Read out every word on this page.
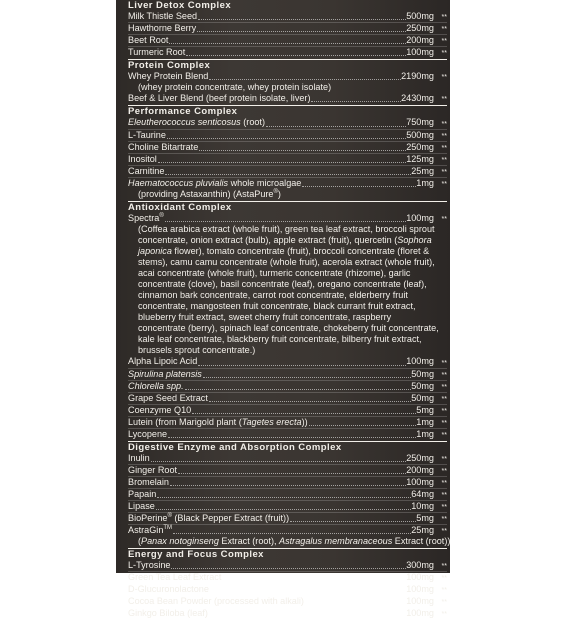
Liver Detox Complex
Milk Thistle Seed	500mg	**
Hawthorne Berry	250mg	**
Beet Root	200mg	**
Turmeric Root	100mg	**
Protein Complex
Whey Protein Blend	2190mg	**
(whey protein concentrate, whey protein isolate)
Beef & Liver Blend (beef protein isolate, liver)	2430mg	**
Performance Complex
Eleutherococcus senticosus (root)	750mg	**
L-Taurine	500mg	**
Choline Bitartrate	250mg	**
Inositol	125mg	**
Carnitine	25mg	**
Haematococcus pluvialis whole microalgae	1mg	**
(providing Astaxanthin) (AstaPure®)
Antioxidant Complex
Spectra®	100mg	**
(Coffea arabica extract (whole fruit), green tea leaf extract, broccoli sprout concentrate, onion extract (bulb), apple extract (fruit), quercetin (Sophora japonica flower), tomato concentrate (fruit), broccoli concentrate (floret & stems), camu camu concentrate (whole fruit), acerola extract (whole fruit), acai concentrate (whole fruit), turmeric concentrate (rhizome), garlic concentrate (clove), basil concentrate (leaf), oregano concentrate (leaf), cinnamon bark concentrate, carrot root concentrate, elderberry fruit concentrate, mangosteen fruit concentrate, black currant fruit extract, blueberry fruit extract, sweet cherry fruit concentrate, raspberry concentrate (berry), spinach leaf concentrate, chokeberry fruit concentrate, kale leaf concentrate, blackberry fruit concentrate, bilberry fruit extract, brussels sprout concentrate.)
Alpha Lipoic Acid	100mg	**
Spirulina platensis	50mg	**
Chlorella spp.	50mg	**
Grape Seed Extract	50mg	**
Coenzyme Q10	5mg	**
Lutein (from Marigold plant (Tagetes erecta))	1mg	**
Lycopene	1mg	**
Digestive Enzyme and Absorption Complex
Inulin	250mg	**
Ginger Root	200mg	**
Bromelain	100mg	**
Papain	64mg	**
Lipase	10mg	**
BioPerine® (Black Pepper Extract (fruit))	5mg	**
AstraGin™	25mg	**
(Panax notoginseng Extract (root), Astragalus membranaceous Extract (root))
Energy and Focus Complex
L-Tyrosine	300mg	**
Green Tea Leaf Extract	100mg	**
D-Glucuronolactone	100mg	**
Cocoa Bean Powder (processed with alkali)	100mg	**
Ginkgo Biloba (leaf)	100mg	**
